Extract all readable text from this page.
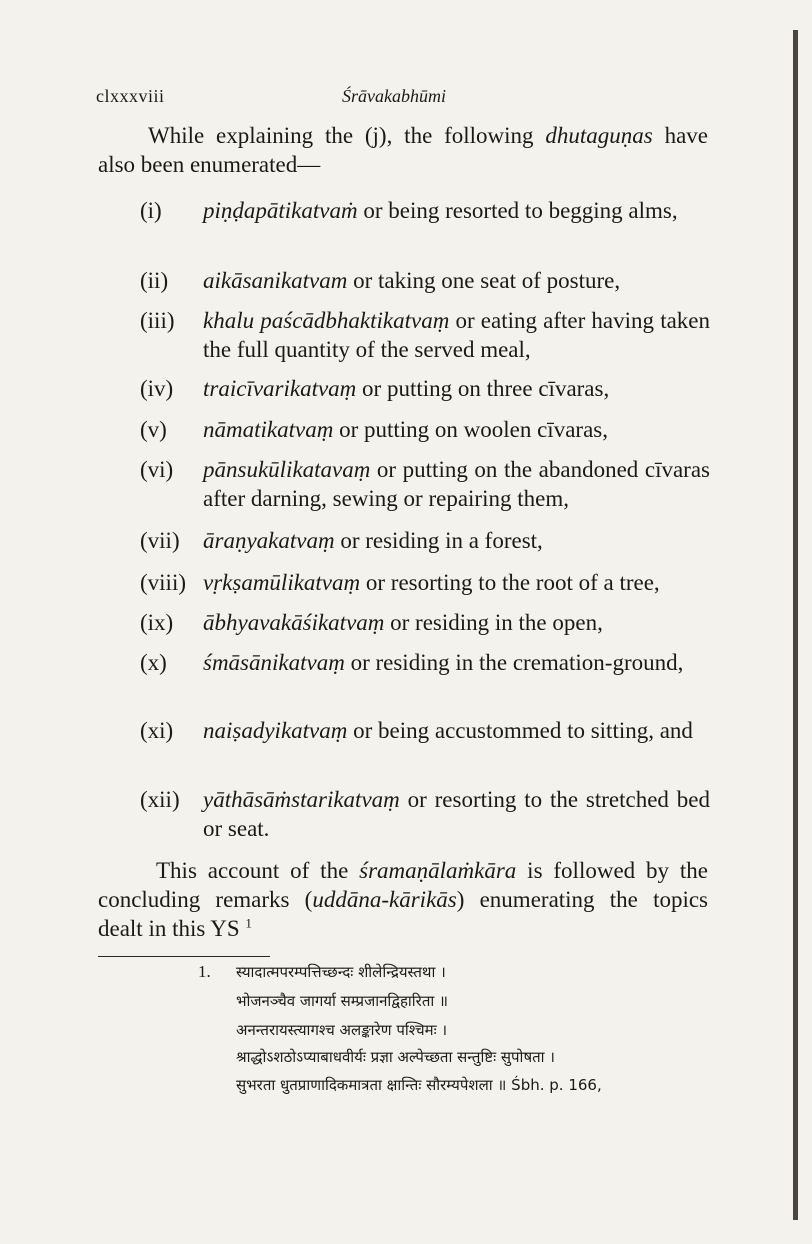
clxxxviii	Śrāvakabhūmi
While explaining the (j), the following dhutaguṇas have also been enumerated—
(i)	piṇḍapātikatvaṁ or being resorted to begging alms,
(ii)	aikāsanikatvam or taking one seat of posture,
(iii)	khalu paścādbhaktikatvaṃ or eating after having taken the full quantity of the served meal,
(iv)	traicīvarikatvaṃ or putting on three cīvaras,
(v)	nāmatikatvaṃ or putting on woolen cīvaras,
(vi)	pānsukūlikatavaṃ or putting on the abandoned cīvaras after darning, sewing or repairing them,
(vii)	āraṇyakatvaṃ or residing in a forest,
(viii) vṛkṣamūlikatvaṃ or resorting to the root of a tree,
(ix)	ābhyavakāśikatvaṃ or residing in the open,
(x)	śmāsānikatvaṃ or residing in the cremation-ground,
(xi)	naiṣadyikatvaṃ or being accustommed to sitting, and
(xii)	yāthāsāṁstarikatvaṃ or resorting to the stretched bed or seat.
This account of the śramaṇālaṁkāra is followed by the concluding remarks (uddāna-kārikās) enumerating the topics dealt in this YS $^1$
1. स्यादात्मपरम्पत्तिच्छन्दः शीलेन्द्रियस्तथा ।
भोजनञ्चैव जागर्या सम्प्रजानद्विहारिता ॥
अनन्तरायस्त्यागश्च अलङ्कारेण पश्चिमः ।
श्राद्धोऽशठोऽप्याबाधवीर्यः प्रज्ञा अल्पेच्छता सन्तुष्टिः सुपोषता ।
सुभरता धुतप्राणादिकमात्रता क्षान्तिः सौरम्यपेशला ॥ Śbh. p. 166,
